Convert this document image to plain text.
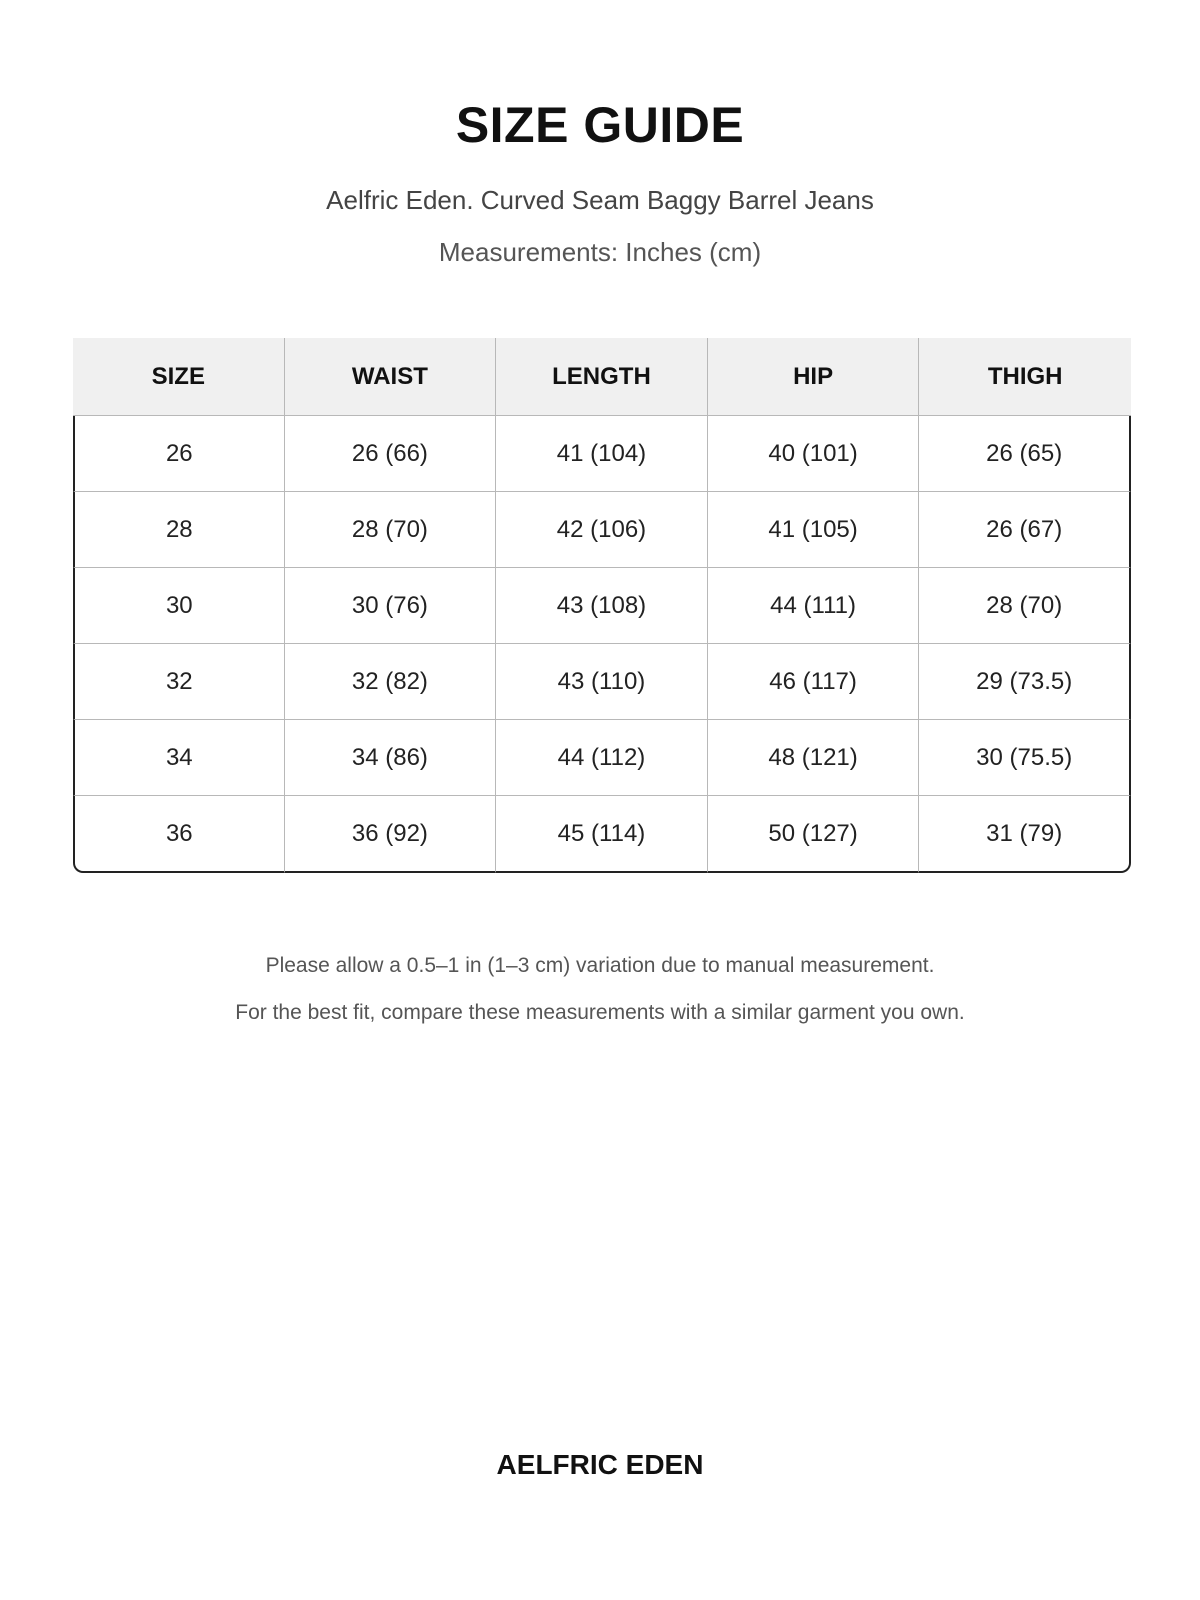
SIZE GUIDE
Aelfric Eden. Curved Seam Baggy Barrel Jeans
Measurements: Inches (cm)
SIZE	WAIST	LENGTH	HIP	THIGH
26	26 (66)	41 (104)	40 (101)	26 (65)
28	28 (70)	42 (106)	41 (105)	26 (67)
30	30 (76)	43 (108)	44 (111)	28 (70)
32	32 (82)	43 (110)	46 (117)	29 (73.5)
34	34 (86)	44 (112)	48 (121)	30 (75.5)
36	36 (92)	45 (114)	50 (127)	31 (79)
Please allow a 0.5–1 in (1–3 cm) variation due to manual measurement.
For the best fit, compare these measurements with a similar garment you own.
AELFRIC EDEN
